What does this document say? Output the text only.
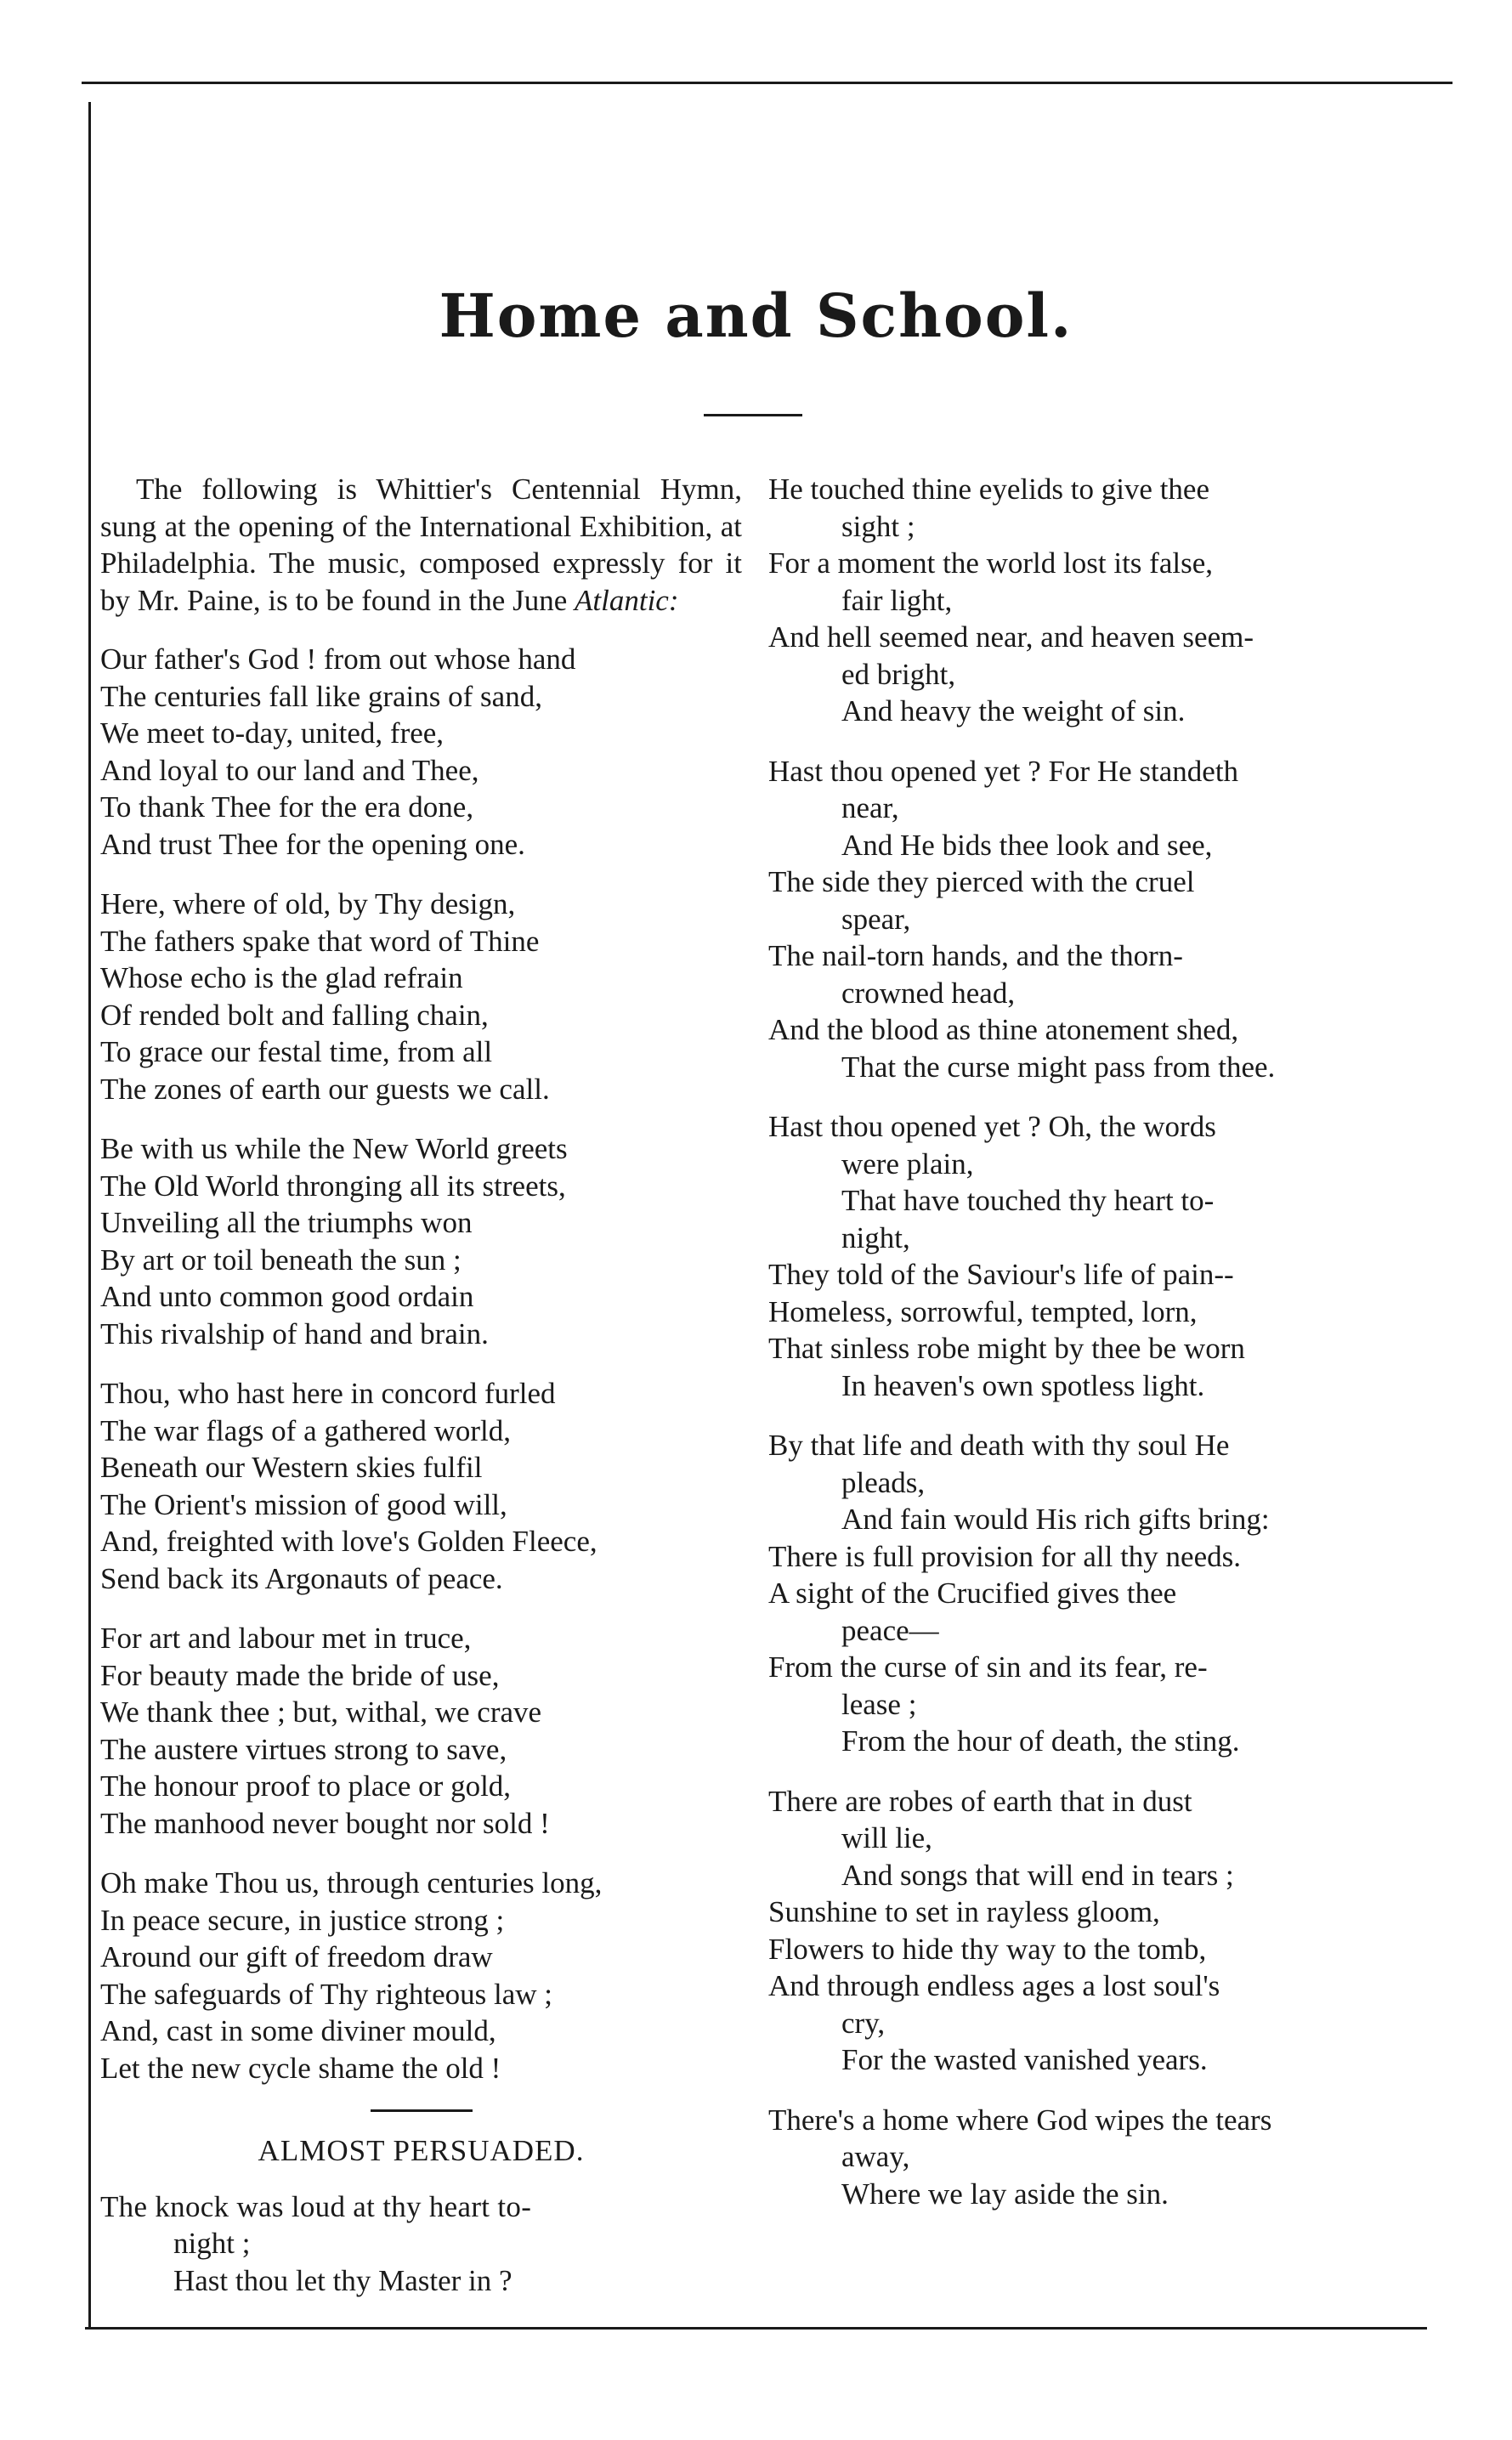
Home and School.

The following is Whittier's Centennial Hymn, sung at the opening of the International Exhibition, at Philadelphia. The music, composed expressly for it by Mr. Paine, is to be found in the June Atlantic:

Our father's God ! from out whose hand
The centuries fall like grains of sand,
We meet to-day, united, free,
And loyal to our land and Thee,
To thank Thee for the era done,
And trust Thee for the opening one.
Here, where of old, by Thy design,
The fathers spake that word of Thine
Whose echo is the glad refrain
Of rended bolt and falling chain,
To grace our festal time, from all
The zones of earth our guests we call.
Be with us while the New World greets
The Old World thronging all its streets,
Unveiling all the triumphs won
By art or toil beneath the sun ;
And unto common good ordain
This rivalship of hand and brain.
Thou, who hast here in concord furled
The war flags of a gathered world,
Beneath our Western skies fulfil
The Orient's mission of good will,
And, freighted with love's Golden Fleece,
Send back its Argonauts of peace.
For art and labour met in truce,
For beauty made the bride of use,
We thank thee ; but, withal, we crave
The austere virtues strong to save,
The honour proof to place or gold,
The manhood never bought nor sold !
Oh make Thou us, through centuries long,
In peace secure, in justice strong ;
Around our gift of freedom draw
The safeguards of Thy righteous law ;
And, cast in some diviner mould,
Let the new cycle shame the old !
ALMOST PERSUADED.
The knock was loud at thy heart to-
night ;
Hast thou let thy Master in ?
He touched thine eyelids to give thee
sight ;
For a moment the world lost its false,
fair light,
And hell seemed near, and heaven seem-
ed bright,
And heavy the weight of sin.
Hast thou opened yet ? For He standeth
near,
And He bids thee look and see,
The side they pierced with the cruel
spear,
The nail-torn hands, and the thorn-
crowned head,
And the blood as thine atonement shed,
That the curse might pass from thee.
Hast thou opened yet ? Oh, the words
were plain,
That have touched thy heart to-
night,
They told of the Saviour's life of pain--
Homeless, sorrowful, tempted, lorn,
That sinless robe might by thee be worn
In heaven's own spotless light.
By that life and death with thy soul He
pleads,
And fain would His rich gifts bring:
There is full provision for all thy needs.
A sight of the Crucified gives thee
peace—
From the curse of sin and its fear, re-
lease ;
From the hour of death, the sting.
There are robes of earth that in dust
will lie,
And songs that will end in tears ;
Sunshine to set in rayless gloom,
Flowers to hide thy way to the tomb,
And through endless ages a lost soul's
cry,
For the wasted vanished years.
There's a home where God wipes the tears
away,
Where we lay aside the sin.
